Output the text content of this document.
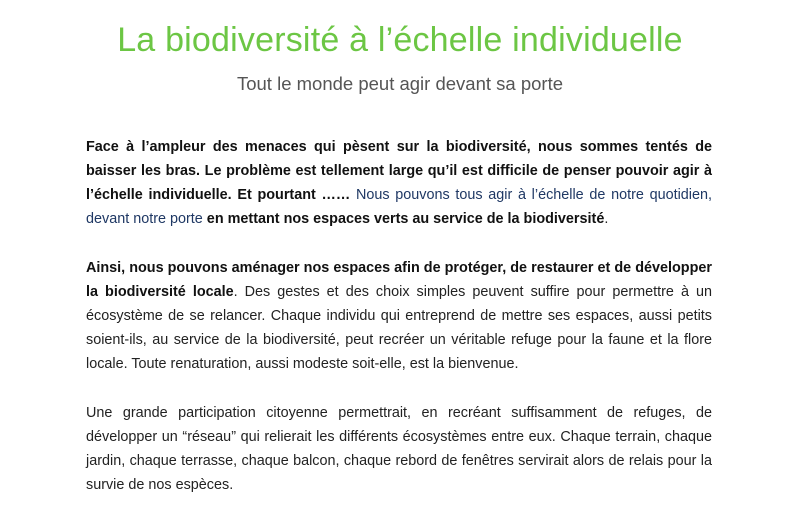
La biodiversité à l’échelle individuelle
Tout le monde peut agir devant sa porte

Face à l’ampleur des menaces qui pèsent sur la biodiversité, nous sommes tentés de baisser les bras. Le problème est tellement large qu’il est difficile de penser pouvoir agir à l’échelle individuelle. Et pourtant …… Nous pouvons tous agir à l’échelle de notre quotidien, devant notre porte en mettant nos espaces verts au service de la biodiversité.

Ainsi, nous pouvons aménager nos espaces afin de protéger, de restaurer et de développer la biodiversité locale. Des gestes et des choix simples peuvent suffire pour permettre à un écosystème de se relancer. Chaque individu qui entreprend de mettre ses espaces, aussi petits soient-ils, au service de la biodiversité, peut recréer un véritable refuge pour la faune et la flore locale. Toute renaturation, aussi modeste soit-elle, est la bienvenue.

Une grande participation citoyenne permettrait, en recréant suffisamment de refuges, de développer un “réseau” qui relierait les différents écosystèmes entre eux. Chaque terrain, chaque jardin, chaque terrasse, chaque balcon, chaque rebord de fenêtres servirait alors de relais pour la survie de nos espèces.
